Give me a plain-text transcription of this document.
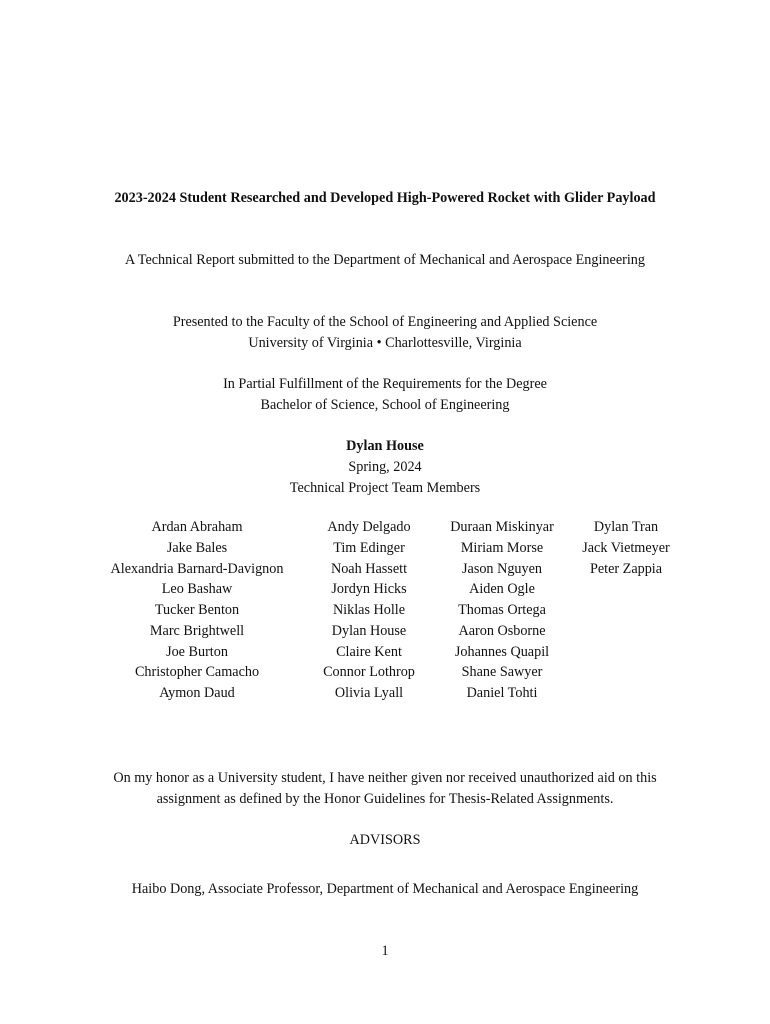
2023-2024 Student Researched and Developed High-Powered Rocket with Glider Payload
A Technical Report submitted to the Department of Mechanical and Aerospace Engineering
Presented to the Faculty of the School of Engineering and Applied Science
University of Virginia • Charlottesville, Virginia
In Partial Fulfillment of the Requirements for the Degree
Bachelor of Science, School of Engineering
Dylan House
Spring, 2024
Technical Project Team Members
Ardan Abraham
Jake Bales
Alexandria Barnard-Davignon
Leo Bashaw
Tucker Benton
Marc Brightwell
Joe Burton
Christopher Camacho
Aymon Daud
Andy Delgado
Tim Edinger
Noah Hassett
Jordyn Hicks
Niklas Holle
Dylan House
Claire Kent
Connor Lothrop
Olivia Lyall
Duraan Miskinyar
Miriam Morse
Jason Nguyen
Aiden Ogle
Thomas Ortega
Aaron Osborne
Johannes Quapil
Shane Sawyer
Daniel Tohti
Dylan Tran
Jack Vietmeyer
Peter Zappia
On my honor as a University student, I have neither given nor received unauthorized aid on this
assignment as defined by the Honor Guidelines for Thesis-Related Assignments.
ADVISORS
Haibo Dong, Associate Professor, Department of Mechanical and Aerospace Engineering
1
